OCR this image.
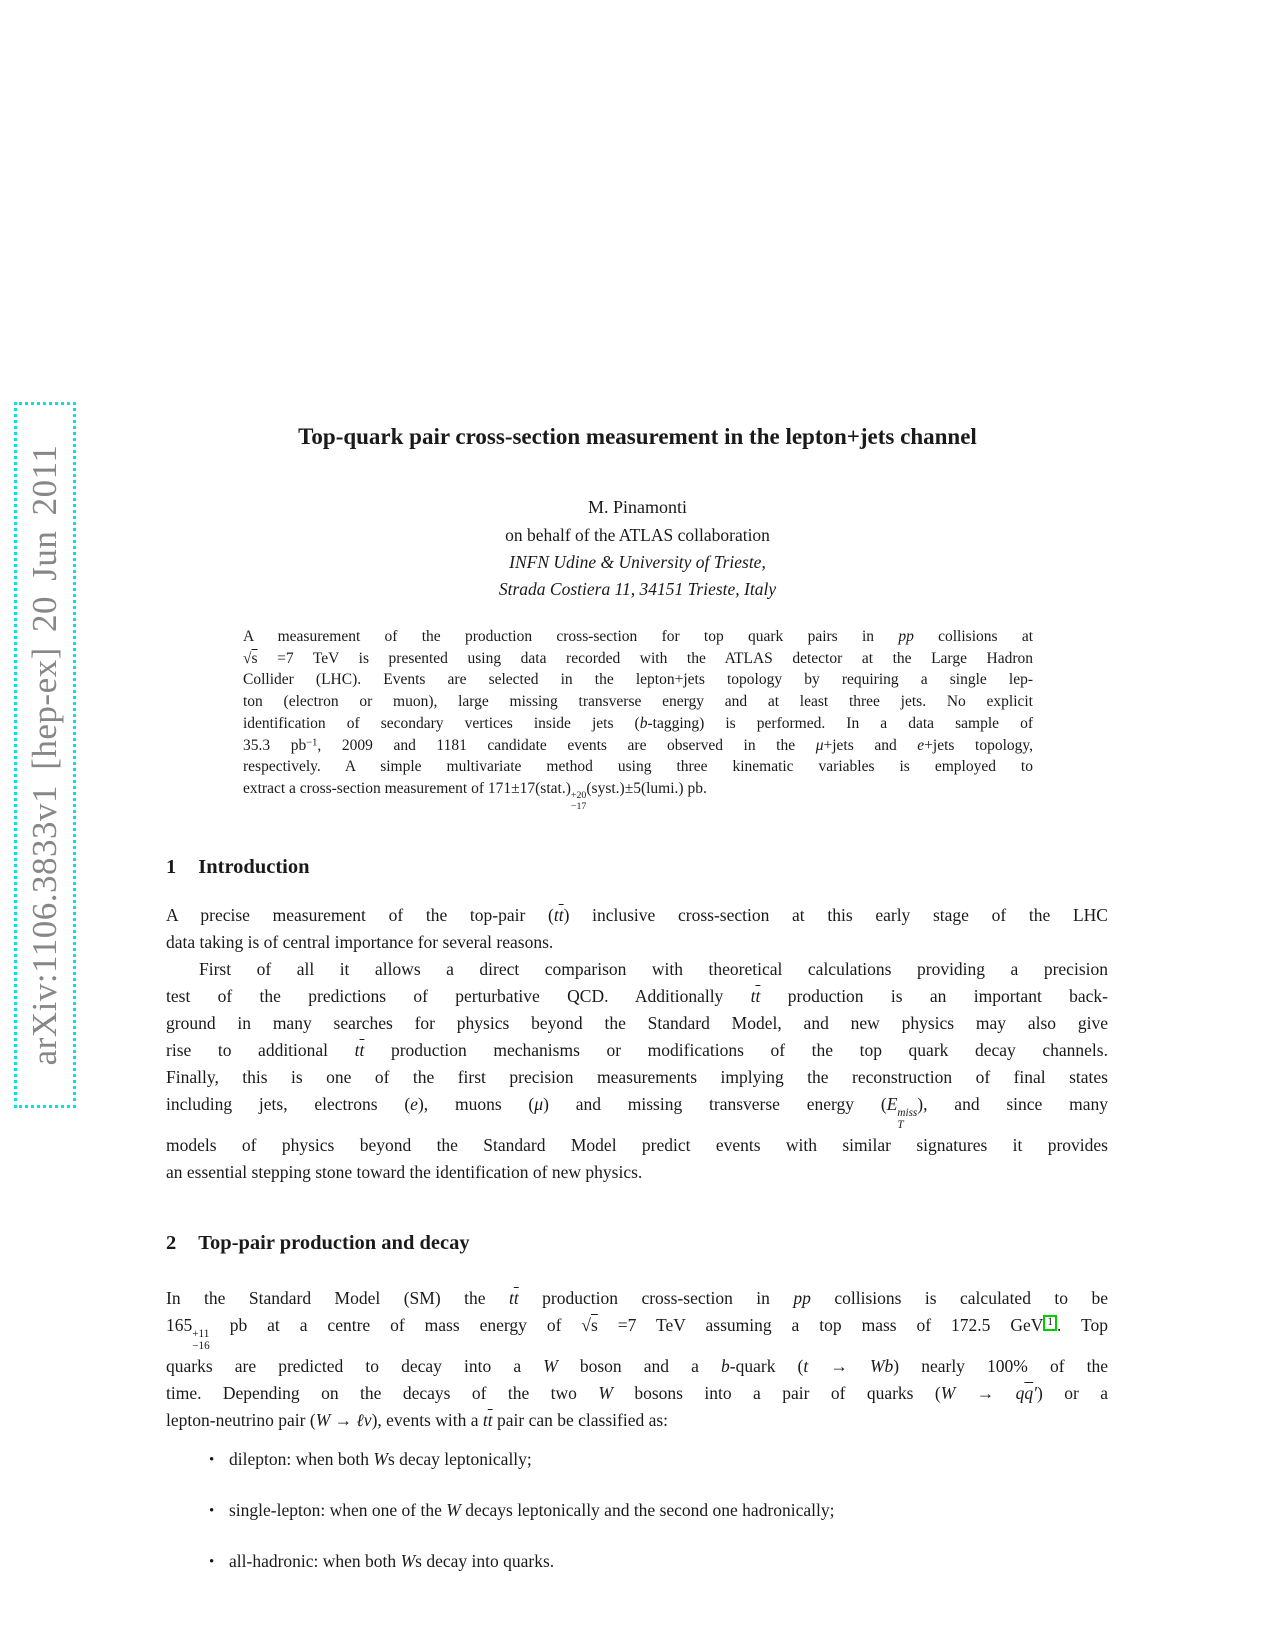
arXiv:1106.3833v1 [hep-ex] 20 Jun 2011
Top-quark pair cross-section measurement in the lepton+jets channel
M. Pinamonti
on behalf of the ATLAS collaboration
INFN Udine & University of Trieste,
Strada Costiera 11, 34151 Trieste, Italy
A measurement of the production cross-section for top quark pairs in pp collisions at
√s =7 TeV is presented using data recorded with the ATLAS detector at the Large Hadron
Collider (LHC). Events are selected in the lepton+jets topology by requiring a single lep-
ton (electron or muon), large missing transverse energy and at least three jets. No explicit
identification of secondary vertices inside jets (b-tagging) is performed. In a data sample of
35.3 $pb^{-1}$, 2009 and 1181 candidate events are observed in the μ+jets and e+jets topology,
respectively. A simple multivariate method using three kinematic variables is employed to
extract a cross-section measurement of 171±17(stat.) +20
−17
(syst.)±5(lumi.) pb.
1 Introduction
A precise measurement of the top-pair $(t\overline{t})$ inclusive cross-section at this early stage of the LHC
data taking is of central importance for several reasons.
First of all it allows a direct comparison with theoretical calculations providing a precision
test of the predictions of perturbative QCD. Additionally $t\overline{t}$ production is an important back-
ground in many searches for physics beyond the Standard Model, and new physics may also give
rise to additional $t\overline{t}$ production mechanisms or modifications of the top quark decay channels.
Finally, this is one of the first precision measurements implying the reconstruction of final states
including jets, electrons (e), muons (μ) and missing transverse energy (E miss
T
), and since many
models of physics beyond the Standard Model predict events with similar signatures it provides
an essential stepping stone toward the identification of new physics.
2 Top-pair production and decay
In the Standard Model (SM) the $t\overline{t}$ production cross-section in pp collisions is calculated to be
165 +11
−16
pb at a centre of mass energy of √s =7 TeV assuming a top mass of 172.5 GeV 1 . Top
quarks are predicted to decay into a W boson and a b-quark (t → Wb) nearly 100% of the
time. Depending on the decays of the two W bosons into a pair of quarks $(W \to q\overline{q}')$ or a
lepton-neutrino pair (W → ℓν), events with a $t\overline{t}$ pair can be classified as:
• dilepton: when both Ws decay leptonically;
• single-lepton: when one of the W decays leptonically and the second one hadronically;
• all-hadronic: when both Ws decay into quarks.
